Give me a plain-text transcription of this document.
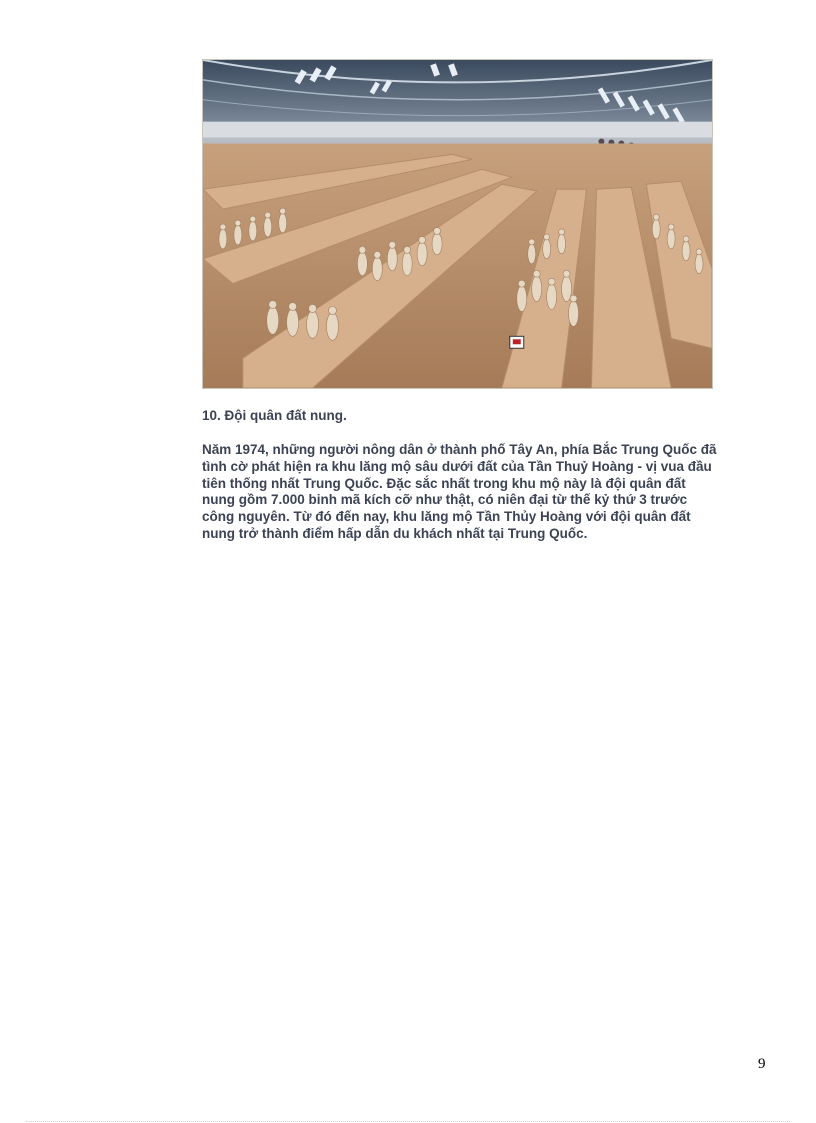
10. Đội quân đất nung.

Năm 1974, những người nông dân ở thành phố Tây An, phía Bắc Trung Quốc đã tình cờ phát hiện ra khu lăng mộ sâu dưới đất của Tần Thuỷ Hoàng - vị vua đầu tiên thống nhất Trung Quốc. Đặc sắc nhất trong khu mộ này là đội quân đất nung gồm 7.000 binh mã kích cỡ như thật, có niên đại từ thế kỷ thứ 3 trước công nguyên. Từ đó đến nay, khu lăng mộ Tần Thủy Hoàng với đội quân đất nung trở thành điểm hấp dẫn du khách nhất tại Trung Quốc.

9
